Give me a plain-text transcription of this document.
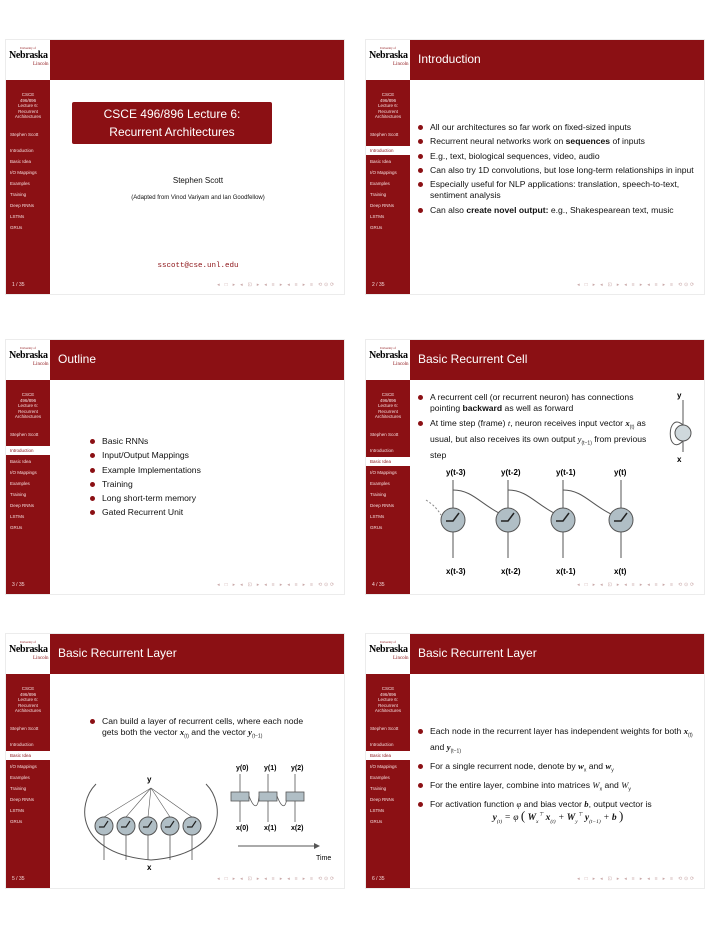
University of
Nebraska
Lincoln
CSCE
496/896
Lecture 6:
Recurrent
Architectures
Stephen Scott
Introduction
Basic Idea
I/O Mappings
Examples
Training
Deep RNNs
LSTMs
GRUs
CSCE 496/896 Lecture 6:
Recurrent Architectures
Stephen Scott
(Adapted from Vinod Variyam and Ian Goodfellow)
sscott@cse.unl.edu
1 / 35	◂ □ ▸ ◂ ⊡ ▸ ◂ ≡ ▸ ◂ ≡ ▸ ≡ ⟲⊙⟳
University of
Nebraska
Lincoln Introduction
CSCE
496/896
Lecture 6:
Recurrent
Architectures
Stephen Scott
Introduction
Basic Idea
I/O Mappings
Examples
Training
Deep RNNs
LSTMs
GRUs
All our architectures so far work on fixed-sized inputs
Recurrent neural networks work on sequences of inputs
E.g., text, biological sequences, video, audio
Can also try 1D convolutions, but lose long-term relationships in input
Especially useful for NLP applications: translation, speech-to-text, sentiment analysis
Can also create novel output: e.g., Shakespearean text, music
2 / 35	◂ □ ▸ ◂ ⊡ ▸ ◂ ≡ ▸ ◂ ≡ ▸ ≡ ⟲⊙⟳
University of
Nebraska
Lincoln Outline
CSCE
496/896
Lecture 6:
Recurrent
Architectures
Stephen Scott
Introduction
Basic Idea
I/O Mappings
Examples
Training
Deep RNNs
LSTMs
GRUs
Basic RNNs
Input/Output Mappings
Example Implementations
Training
Long short-term memory
Gated Recurrent Unit
3 / 35	◂ □ ▸ ◂ ⊡ ▸ ◂ ≡ ▸ ◂ ≡ ▸ ≡ ⟲⊙⟳
University of
Nebraska
Lincoln Basic Recurrent Cell
CSCE
496/896
Lecture 6:
Recurrent
Architectures
Stephen Scott
Introduction
Basic Idea
I/O Mappings
Examples
Training
Deep RNNs
LSTMs
GRUs
A recurrent cell (or recurrent neuron) has connections pointing backward as well as forward
At time step (frame) t, neuron receives input vector $x_{(t)}$ as usual, but also receives its own output $y_{(t-1)}$ from previous step
y
x
y(t-3)	y(t-2)	y(t-1)	y(t)
x(t-3)	x(t-2)	x(t-1)	x(t)
4 / 35	◂ □ ▸ ◂ ⊡ ▸ ◂ ≡ ▸ ◂ ≡ ▸ ≡ ⟲⊙⟳
University of
Nebraska
Lincoln Basic Recurrent Layer
CSCE
496/896
Lecture 6:
Recurrent
Architectures
Stephen Scott
Introduction
Basic Idea
I/O Mappings
Examples
Training
Deep RNNs
LSTMs
GRUs
Can build a layer of recurrent cells, where each node gets both the vector $x_{(t)}$ and the vector $y_{(t-1)}$
y
x
y(0) y(1) y(2)
x(0) x(1) x(2)
Time
5 / 35	◂ □ ▸ ◂ ⊡ ▸ ◂ ≡ ▸ ◂ ≡ ▸ ≡ ⟲⊙⟳
University of
Nebraska
Lincoln Basic Recurrent Layer
CSCE
496/896
Lecture 6:
Recurrent
Architectures
Stephen Scott
Introduction
Basic Idea
I/O Mappings
Examples
Training
Deep RNNs
LSTMs
GRUs
Each node in the recurrent layer has independent weights for both $x_{(t)}$ and $y_{(t-1)}$
For a single recurrent node, denote by $w_x$ and $w_y$
For the entire layer, combine into matrices $W_x$ and $W_y$
For activation function φ and bias vector b, output vector is
$y_{(t)} = \varphi$ ( $W_x^⊤$ $x_{(t)} + W_y^⊤$ $y_{(t-1)} + b$ )
6 / 35	◂ □ ▸ ◂ ⊡ ▸ ◂ ≡ ▸ ◂ ≡ ▸ ≡ ⟲⊙⟳
